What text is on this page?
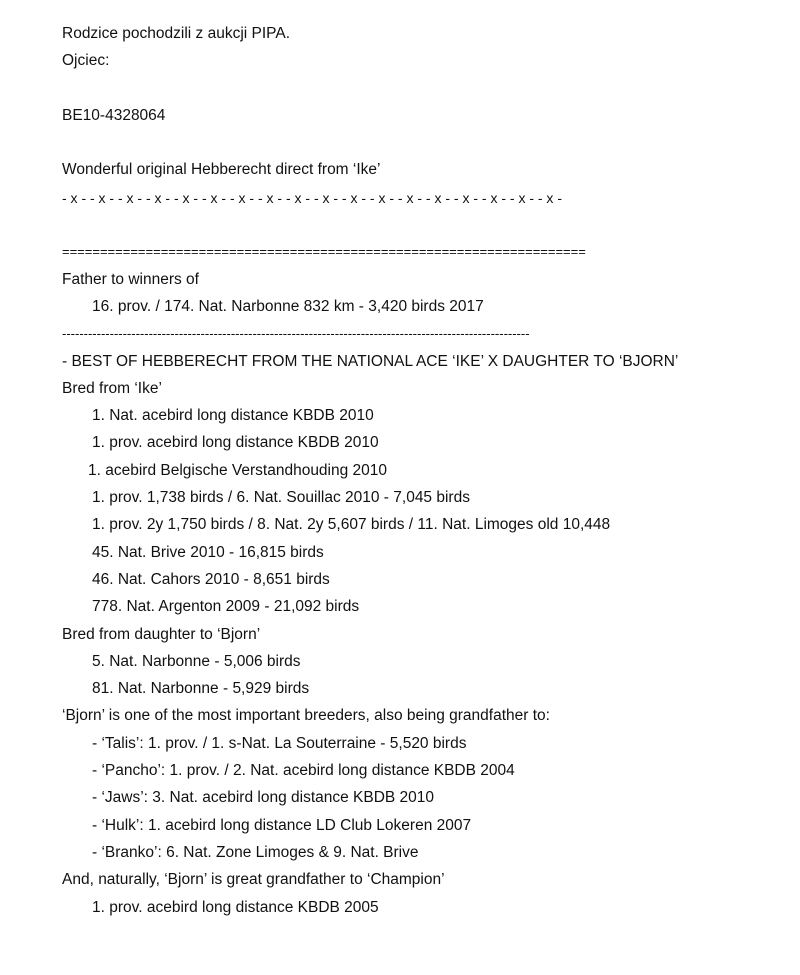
Rodzice pochodzili z aukcji PIPA.
Ojciec:
BE10-4328064
Wonderful original Hebberecht direct from ‘Ike’
- x - - x - - x - - x - - x - - x - - x - - x - - x - - x - - x - - x - - x - - x - - x - - x - - x - - x -
=====================================================================
Father to winners of
16. prov. / 174. Nat. Narbonne 832 km - 3,420 birds 2017
------------------------------------------------------------------------------------------------------------
- BEST OF HEBBERECHT FROM THE NATIONAL ACE ‘IKE’ X DAUGHTER TO ‘BJORN’
Bred from ‘Ike’
1. Nat. acebird long distance KBDB 2010
1. prov. acebird long distance KBDB 2010
1. acebird Belgische Verstandhouding 2010
1. prov. 1,738 birds / 6. Nat. Souillac 2010 - 7,045 birds
1. prov. 2y 1,750 birds / 8. Nat. 2y 5,607 birds / 11. Nat. Limoges old 10,448
45. Nat. Brive 2010 - 16,815 birds
46. Nat. Cahors 2010 - 8,651 birds
778. Nat. Argenton 2009 - 21,092 birds
Bred from daughter to ‘Bjorn’
5. Nat. Narbonne - 5,006 birds
81. Nat. Narbonne - 5,929 birds
‘Bjorn’ is one of the most important breeders, also being grandfather to:
- ‘Talis’: 1. prov. / 1. s-Nat. La Souterraine - 5,520 birds
- ‘Pancho’: 1. prov. / 2. Nat. acebird long distance KBDB 2004
- ‘Jaws’: 3. Nat. acebird long distance KBDB 2010
- ‘Hulk’: 1. acebird long distance LD Club Lokeren 2007
- ‘Branko’: 6. Nat. Zone Limoges & 9. Nat. Brive
And, naturally, ‘Bjorn’ is great grandfather to ‘Champion’
1. prov. acebird long distance KBDB 2005
